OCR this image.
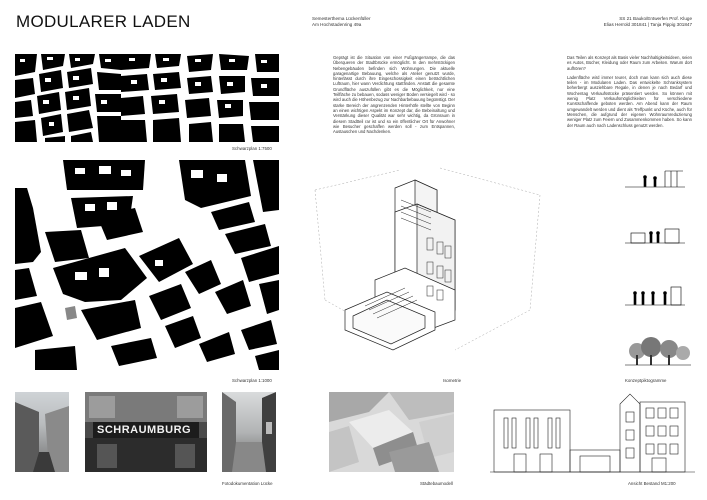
MODULARER LADEN	Semesterthema Lückenfüller
Am Hochstadenring 49a
SS 21 Bauko/Entwerfen Prof. Kluge
Elias Herrold 301841 | Tanja Pippig 301847
Geprägt ist die Situation von einer Fußgängerrampe, die das Überqueren der Stadtbrücke ermöglicht. In den mehrstöckigen Nebengebäuden befinden sich Wohnungen. Die aktuelle garagenartige Bebauung, welche als Atelier genutzt wurde, hinterlässt durch ihre Eingeschossigkeit einen beträchtlichen Luftraum, hier wann Verdichtung stattfinden. Anstatt die gesamte Grundfläche auszufüllen gibt es die Möglichkeit, nur eine Teilfläche zu bebauen, sodass weniger Boden versiegelt wird - so wird auch die Höhenbezug zur Nachbarbebauung begünstigt. Der starke Bereich der angrenzenden Hinterhöfe stellte von Beginn an einen wichtigen Aspekt im Konzept dar, die Bebeinaltung und Verstärkung dieser Qualität war sehr wichtig, da Grünraum in diesem Stadtteil rar ist und so ein öffentlicher Ort für Anwohner wie Besucher geschaffen werden soll - zum Entspannen, Austauschen und Nachdenken.
Das Teilen als Konzept als Basis vieler Nachhaltigkeitsideen, seien es Autos, Bücher, Kleidung oder Raum zum Arbeiten. Warum dort aufhören?
Ladenfläche wird immer teurer, doch man kann sich auch diese teilen - im Modularen Laden. Das entwickelte Schranksystem beherbergt ausziehbare Regale, in denen je nach Bedarf und Wochentag Verkaufsstücke präsentiert werden. So können mit wenig Platz Verkaufsmöglichkeiten für verschiedene Kunstschaffende geboten werden. Am Abend kann der Raum umgewandelt werden und dient als Treffpunkt und Küche, auch für Menschen, die aufgrund der eigenen Wohnraumreduzierung weniger Platz zum Feiern und Zusammenkommen haben. So kann der Raum auch nach Ladenschluss genutzt werden.
Schwarzplan 1:7500
Schwarzplan 1:1000	Isometrie	Konzeptpiktogramme
SCHRAUMBURG
Fotodokumentation Lücke	Städtebaumodell	Ansicht Bestand M1:200
